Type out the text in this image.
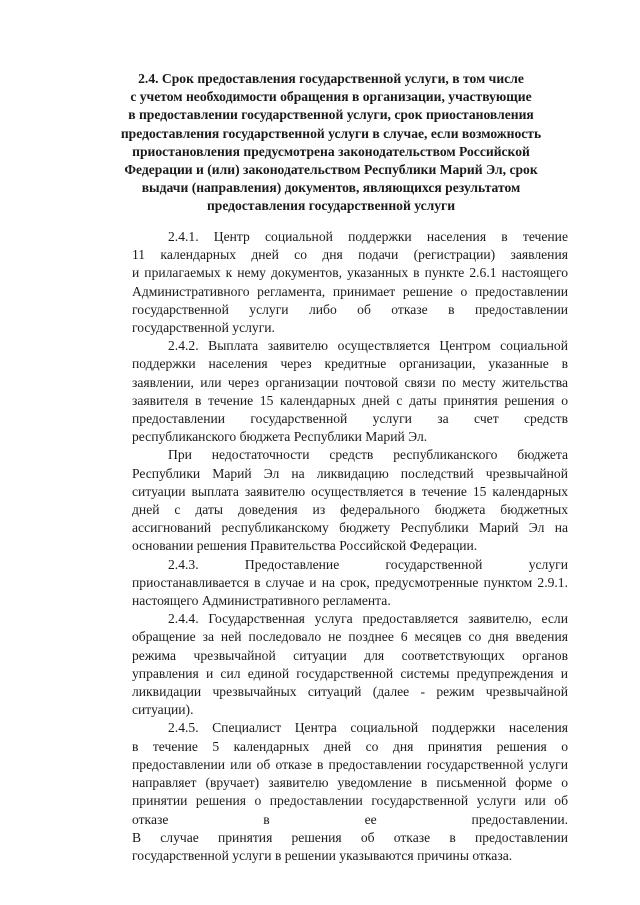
2.4. Срок предоставления государственной услуги, в том числе
с учетом необходимости обращения в организации, участвующие
в предоставлении государственной услуги, срок приостановления
предоставления государственной услуги в случае, если возможность
приостановления предусмотрена законодательством Российской
Федерации и (или) законодательством Республики Марий Эл, срок
выдачи (направления) документов, являющихся результатом
предоставления государственной услуги

2.4.1. Центр социальной поддержки населения в течение
11 календарных дней со дня подачи (регистрации) заявления
и прилагаемых к нему документов, указанных в пункте 2.6.1 настоящего
Административного регламента, принимает решение о предоставлении
государственной услуги либо об отказе в предоставлении
государственной услуги.

2.4.2. Выплата заявителю осуществляется Центром социальной
поддержки населения через кредитные организации, указанные в
заявлении, или через организации почтовой связи по месту жительства
заявителя в течение 15 календарных дней с даты принятия решения о
предоставлении государственной услуги за счет средств
республиканского бюджета Республики Марий Эл.

При недостаточности средств республиканского бюджета
Республики Марий Эл на ликвидацию последствий чрезвычайной
ситуации выплата заявителю осуществляется в течение 15 календарных
дней с даты доведения из федерального бюджета бюджетных
ассигнований республиканскому бюджету Республики Марий Эл на
основании решения Правительства Российской Федерации.

2.4.3. Предоставление государственной услуги
приостанавливается в случае и на срок, предусмотренные пунктом 2.9.1.
настоящего Административного регламента.

2.4.4. Государственная услуга предоставляется заявителю, если
обращение за ней последовало не позднее 6 месяцев со дня введения
режима чрезвычайной ситуации для соответствующих органов
управления и сил единой государственной системы предупреждения и
ликвидации чрезвычайных ситуаций (далее - режим чрезвычайной
ситуации).

2.4.5. Специалист Центра социальной поддержки населения
в течение 5 календарных дней со дня принятия решения о
предоставлении или об отказе в предоставлении государственной услуги
направляет (вручает) заявителю уведомление в письменной форме о
принятии решения о предоставлении государственной услуги или об
отказе в ее предоставлении.
В случае принятия решения об отказе в предоставлении
государственной услуги в решении указываются причины отказа.
